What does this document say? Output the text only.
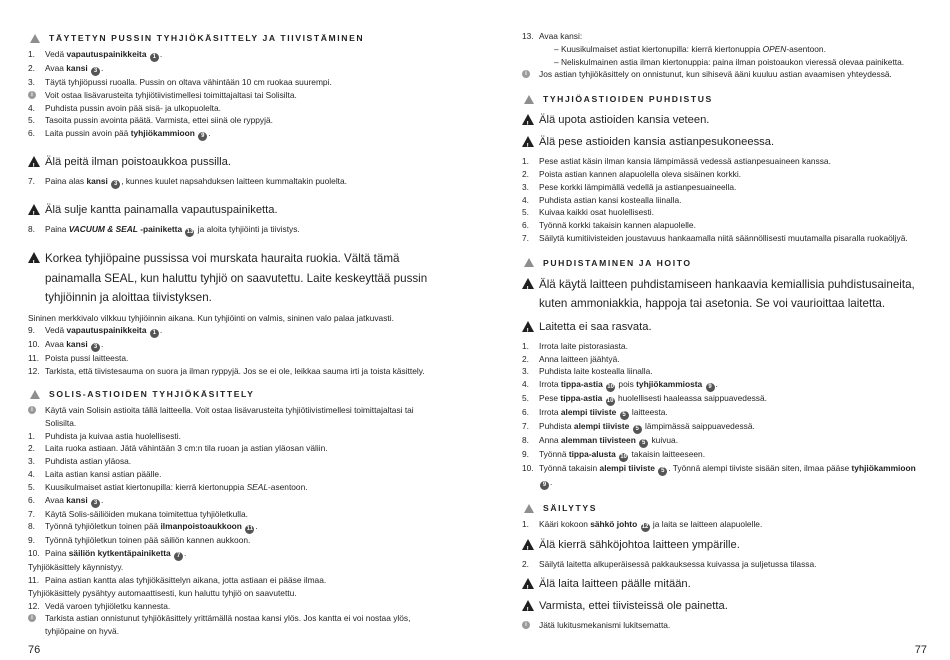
TÄYTETYN PUSSIN TYHJIÖKÄSITTELY JA TIIVISTÄMINEN
1.	Vedä vapautuspainikkeita 1 .
2.	Avaa kansi 3 .
3.	Täytä tyhjiöpussi ruoalla. Pussin on oltava vähintään 10 cm ruokaa suurempi.
i	Voit ostaa lisävarusteita tyhjiötiivistimellesi toimittajaltasi tai Solisilta.
4.	Puhdista pussin avoin pää sisä- ja ulkopuolelta.
5.	Tasoita pussin avointa päätä. Varmista, ettei siinä ole ryppyjä.
6.	Laita pussin avoin pää tyhjiökammioon 9 .
!
Älä peitä ilman poistoaukkoa pussilla.
7.	Paina alas kansi 3 , kunnes kuulet napsahduksen laitteen kummaltakin puolelta.
!
Älä sulje kantta painamalla vapautuspainiketta.
8.	Paina VACUUM & SEAL -painiketta 13 ja aloita tyhjiöinti ja tiivistys.
!
Korkea tyhjiöpaine pussissa voi murskata hauraita ruokia. Vältä tämä painamalla SEAL, kun haluttu tyhjiö on saavutettu. Laite keskeyttää pussin tyhjiöinnin ja aloittaa tiivistyksen.
Sininen merkkivalo vilkkuu tyhjiöinnin aikana. Kun tyhjiöinti on valmis, sininen valo palaa jatkuvasti.
9.	Vedä vapautuspainikkeita 1 .
10. Avaa kansi 3 .
11. Poista pussi laitteesta.
12. Tarkista, että tiivistesauma on suora ja ilman ryppyjä. Jos se ei ole, leikkaa sauma irti ja toista käsittely.
SOLIS-ASTIOIDEN TYHJIÖKÄSITTELY
i	Käytä vain Solisin astioita tällä laitteella. Voit ostaa lisävarusteita tyhjiötiivistimellesi toimittajaltasi tai Solisilta.
1.	Puhdista ja kuivaa astia huolellisesti.
2.	Laita ruoka astiaan. Jätä vähintään 3 cm:n tila ruoan ja astian yläosan väliin.
3.	Puhdista astian yläosa.
4.	Laita astian kansi astian päälle.
5.	Kuusikulmaiset astiat kiertonupilla: kierrä kiertonuppia SEAL-asentoon.
6.	Avaa kansi 3 .
7.	Käytä Solis-säiliöiden mukana toimitettua tyhjiöletkulla.
8.	Työnnä tyhjiöletkun toinen pää ilmanpoistoaukkoon 11 .
9.	Työnnä tyhjiöletkun toinen pää säiliön kannen aukkoon.
10. Paina säiliön kytkentäpainiketta 7 .
Tyhjiökäsittely käynnistyy.
11. Paina astian kantta alas tyhjiökäsittelyn aikana, jotta astiaan ei pääse ilmaa.
Tyhjiökäsittely pysähtyy automaattisesti, kun haluttu tyhjiö on saavutettu.
12. Vedä varoen tyhjiöletku kannesta.
i	Tarkista astian onnistunut tyhjiökäsittely yrittämällä nostaa kansi ylös. Jos kantta ei voi nostaa ylös, tyhjiöpaine on hyvä.
13. Avaa kansi:
– Kuusikulmaiset astiat kiertonupilla: kierrä kiertonuppia OPEN-asentoon.
– Neliskulmainen astia ilman kiertonuppia: paina ilman poistoaukon vieressä olevaa painiketta.
i	Jos astian tyhjiökäsittely on onnistunut, kun sihisevä ääni kuuluu astian avaamisen yhteydessä.
TYHJIÖASTIOIDEN PUHDISTUS
!
Älä upota astioiden kansia veteen.
!
Älä pese astioiden kansia astianpesukoneessa.
1.	Pese astiat käsin ilman kansia lämpimässä vedessä astianpesuaineen kanssa.
2.	Poista astian kannen alapuolella oleva sisäinen korkki.
3.	Pese korkki lämpimällä vedellä ja astianpesuaineella.
4.	Puhdista astian kansi kostealla liinalla.
5.	Kuivaa kaikki osat huolellisesti.
6.	Työnnä korkki takaisin kannen alapuolelle.
7.	Säilytä kumitiivisteiden joustavuus hankaamalla niitä säännöllisesti muutamalla pisaralla ruokaöljyä.
PUHDISTAMINEN JA HOITO
!
Älä käytä laitteen puhdistamiseen hankaavia kemiallisia puhdistusaineita, kuten ammoniakkia, happoja tai asetonia. Se voi vaurioittaa laitetta.
!
Laitetta ei saa rasvata.
1.	Irrota laite pistorasiasta.
2.	Anna laitteen jäähtyä.
3.	Puhdista laite kostealla liinalla.
4.	Irrota tippa-astia 10 pois tyhjiökammiosta 9 .
5.	Pese tippa-astia 10 huolellisesti haaleassa saippuavedessä.
6.	Irrota alempi tiiviste 5 laitteesta.
7.	Puhdista alempi tiiviste 5 lämpimässä saippuavedessä.
8.	Anna alemman tiivisteen 5 kuivua.
9.	Työnnä tippa-alusta 10 takaisin laitteeseen.
10. Työnnä takaisin alempi tiiviste 5 . Työnnä alempi tiiviste sisään siten, ilmaa pääse tyhjiökammioon 9 .
SÄILYTYS
1.	Kääri kokoon sähkö johto 12 ja laita se laitteen alapuolelle.
!
Älä kierrä sähköjohtoa laitteen ympärille.
2.	Säilytä laitetta alkuperäisessä pakkauksessa kuivassa ja suljetussa tilassa.
!
Älä laita laitteen päälle mitään.
!
Varmista, ettei tiivisteissä ole painetta.
i	Jätä lukitusmekanismi lukitsematta.
76	77
